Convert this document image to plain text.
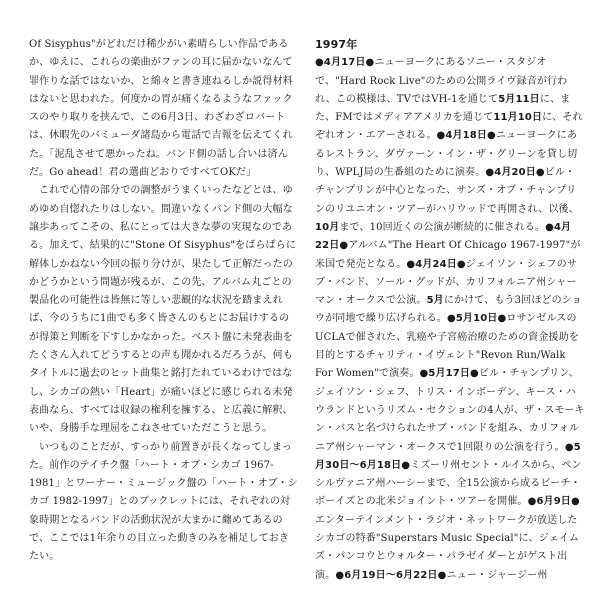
Of Sisyphus"がどれだけ稀少がい素晴らしい作品であるか、ゆえに、これらの楽曲がファンの耳に届かないなんて罪作りな話ではないか、と綿々と書き連ねるしか説得材料はないと思われた。何度かの胃が痛くなるようなファックスのやり取りを挟んで、この6月3日、わざわざロバートは、休暇先のバミューダ諸島から電話で吉報を伝えてくれた。「泥乱させて悪かったね。バンド側の話し合いは済んだ。Go ahead！君の選曲どおりですべてOKだ」

これで心情の部分での調整がうまくいったなどとは、ゆめゆめ自惚れたりはしない。間違いなくバンド側の大幅な譲歩あってこその、私にとっては大きな夢の実現なのである。加えて、結果的に"Stone Of Sisyphus"をばらばらに解体しかねない今回の振り分けが、果たして正解だったのかどうかという問題が残るが、この先、アルバム丸ごとの製品化の可能性は皆無に等しい悲観的な状況を踏まえれば、今のうちに1曲でも多く皆さんのもとにお届けするのが得策と判断を下すしかなかった。ベスト盤に未発表曲をたくさん入れてどうするとの声も聞かれるだろうが、何もタイトルに過去のヒット曲集と銘打たれているわけではなし、シカゴの熱い「Heart」が痛いほどに感じられる未発表曲なら、すべては収録の権利を擁する、と広義に解釈、いや、身勝手な理屈をこねさせていただこうと思う。

いつものことだが、すっかり前置きが長くなってしまった。前作のテイチク盤「ハート・オブ・シカゴ 1967-1981」とワーナー・ミュージック盤の「ハート・オブ・シカゴ 1982-1997」とのブックレットには、それぞれの対象時期となるバンドの活動状況が大まかに纏めてあるので、ここでは1年余りの目立った動きのみを補足しておきたい。

1997年

●4月17日●ニューヨークにあるソニー・スタジオで、"Hard Rock Live"のための公開ライヴ録音が行われ、この模様は、TVではVH-1を通じて5月11日に、また、FMではメディアアメリカを通じて11月10日に、それぞれオン・エアーされる。●4月18日●ニューヨークにあるレストラン、ダヴァーン・イン・ザ・グリーンを貸し切り、WPLJ局の生番組のために演奏。●4月20日●ビル・チャンプリンが中心となった、サンズ・オブ・チャンプリンのリユニオン・ツアーがハリウッドで再開され、以後、10月まで、10回近くの公演が断続的に催される。●4月22日●アルバム"The Heart Of Chicago 1967-1997"が米国で発売となる。●4月24日●ジェイソン・シェフのサブ・バンド、ソール・グッドが、カリフォルニア州シャーマン・オークスで公演。5月にかけて、もう3回ほどのショウが同地で繰り広げられる。●5月10日●ロサンゼルスのUCLAで催された、乳癌や子宮癌治療のための資金援助を目的とするチャリティ・イヴェント"Revon Run/Walk For Women"で演奏。●5月17日●ビル・チャンプリン、ジェイソン・シェフ、トリス・インボーデン、キース・ハウランドというリズム・セクションの4人が、ザ・スモーキン・バスと名づけられたサブ・バンドを組み、カリフォルニア州シャーマン・オークスで1回限りの公演を行う。●5月30日〜6月18日●ミズーリ州セント・ルイスから、ペンシルヴァニア州ハーシーまで、全15公演から成るビーチ・ボーイズとの北米ジョイント・ツアーを開催。●6月9日●エンターテインメント・ラジオ・ネットワークが放送したシカゴの特番"Superstars Music Special"に、ジェイムズ・パンコウとウォルター・パラゼイダーとがゲスト出演。●6月19日〜6月22日●ニュー・ジャージー州
